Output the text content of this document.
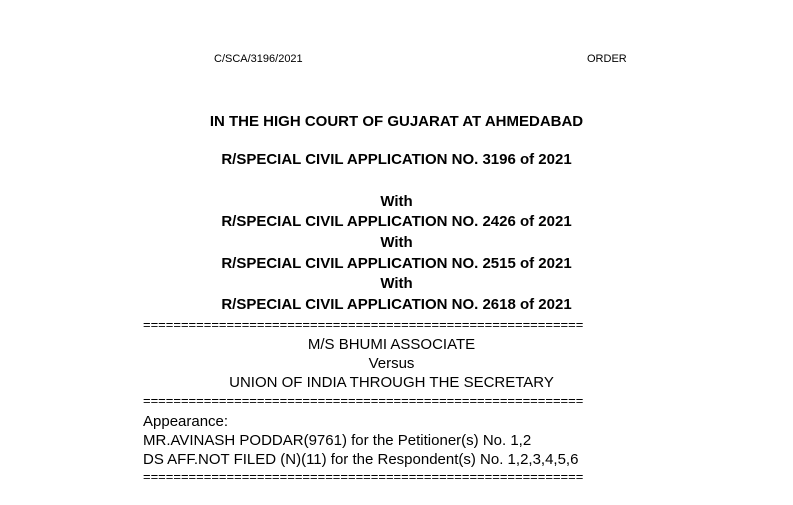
C/SCA/3196/2021	ORDER
IN THE HIGH COURT OF GUJARAT AT AHMEDABAD
R/SPECIAL CIVIL APPLICATION NO. 3196 of 2021
With
R/SPECIAL CIVIL APPLICATION NO. 2426 of 2021
With
R/SPECIAL CIVIL APPLICATION NO. 2515 of 2021
With
R/SPECIAL CIVIL APPLICATION NO. 2618 of 2021
==========================================================
M/S BHUMI ASSOCIATE
Versus
UNION OF INDIA THROUGH THE SECRETARY
==========================================================
Appearance:
MR.AVINASH PODDAR(9761) for the Petitioner(s) No. 1,2
DS AFF.NOT FILED (N)(11) for the Respondent(s) No. 1,2,3,4,5,6
==========================================================
